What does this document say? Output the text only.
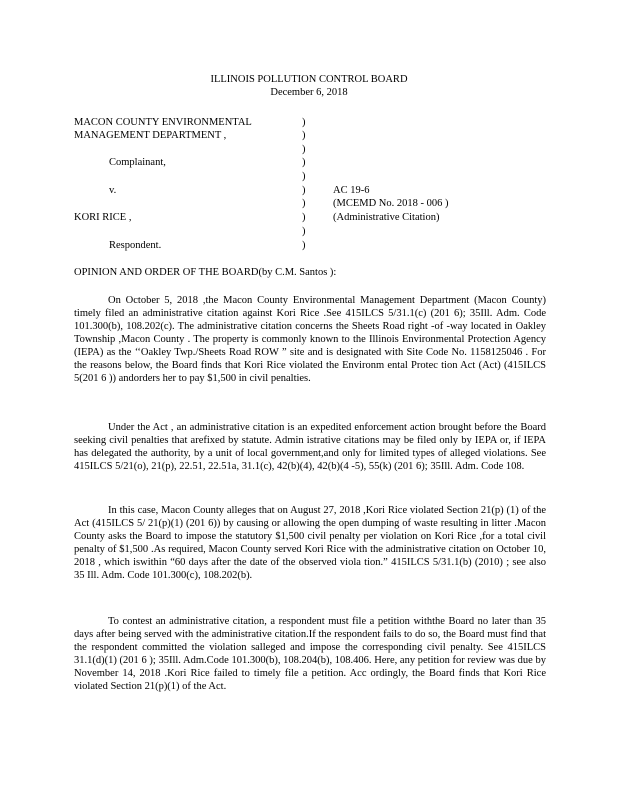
ILLINOIS POLLUTION CONTROL BOARD
December 6, 2018
MACON COUNTY ENVIRONMENTAL
MANAGEMENT DEPARTMENT ,
Complainant,
v.
KORI RICE ,
Respondent.
)
)
)
)
)
)
)
)
)
)
AC 19-6
(MCEMD No. 2018 - 006 )
(Administrative Citation)
OPINION AND ORDER OF THE BOARD(by C.M. Santos ):
On October 5, 2018 ,the Macon County Environmental Management Department (Macon County) timely filed an administrative citation against Kori Rice .See 415ILCS 5/31.1(c) (201 6); 35Ill. Adm. Code 101.300(b), 108.202(c). The administrative citation concerns the Sheets Road right -of -way located in Oakley Township ,Macon County . The property is commonly known to the Illinois Environmental Protection Agency (IEPA) as the ‘‘Oakley Twp./Sheets Road ROW ” site and is designated with Site Code No. 1158125046 . For the reasons below, the Board finds that Kori Rice violated the Environm ental Protec tion Act (Act) (415ILCS 5(201 6 )) andorders her to pay $1,500 in civil penalties.
Under the Act , an administrative citation is an expedited enforcement action brought before the Board seeking civil penalties that arefixed by statute. Admin istrative citations may be filed only by IEPA or, if IEPA has delegated the authority, by a unit of local government,and only for limited types of alleged violations. See 415ILCS 5/21(o), 21(p), 22.51, 22.51a, 31.1(c), 42(b)(4), 42(b)(4 -5), 55(k) (201 6); 35Ill. Adm. Code 108.
In this case, Macon County alleges that on August 27, 2018 ,Kori Rice violated Section 21(p) (1) of the Act (415ILCS 5/ 21(p)(1) (201 6)) by causing or allowing the open dumping of waste resulting in litter .Macon County asks the Board to impose the statutory $1,500 civil penalty per violation on Kori Rice ,for a total civil penalty of $1,500 .As required, Macon County served Kori Rice with the administrative citation on October 10, 2018 , which iswithin “60 days after the date of the observed viola tion.” 415ILCS 5/31.1(b) (2010) ; see also 35 Ill. Adm. Code 101.300(c), 108.202(b).
To contest an administrative citation, a respondent must file a petition withthe Board no later than 35 days after being served with the administrative citation.If the respondent fails to do so, the Board must find that the respondent committed the violation salleged and impose the corresponding civil penalty. See 415ILCS 31.1(d)(1) (201 6 ); 35Ill. Adm.Code 101.300(b), 108.204(b), 108.406. Here, any petition for review was due by November 14, 2018 .Kori Rice failed to timely file a petition. Acc ordingly, the Board finds that Kori Rice violated Section 21(p)(1) of the Act.
